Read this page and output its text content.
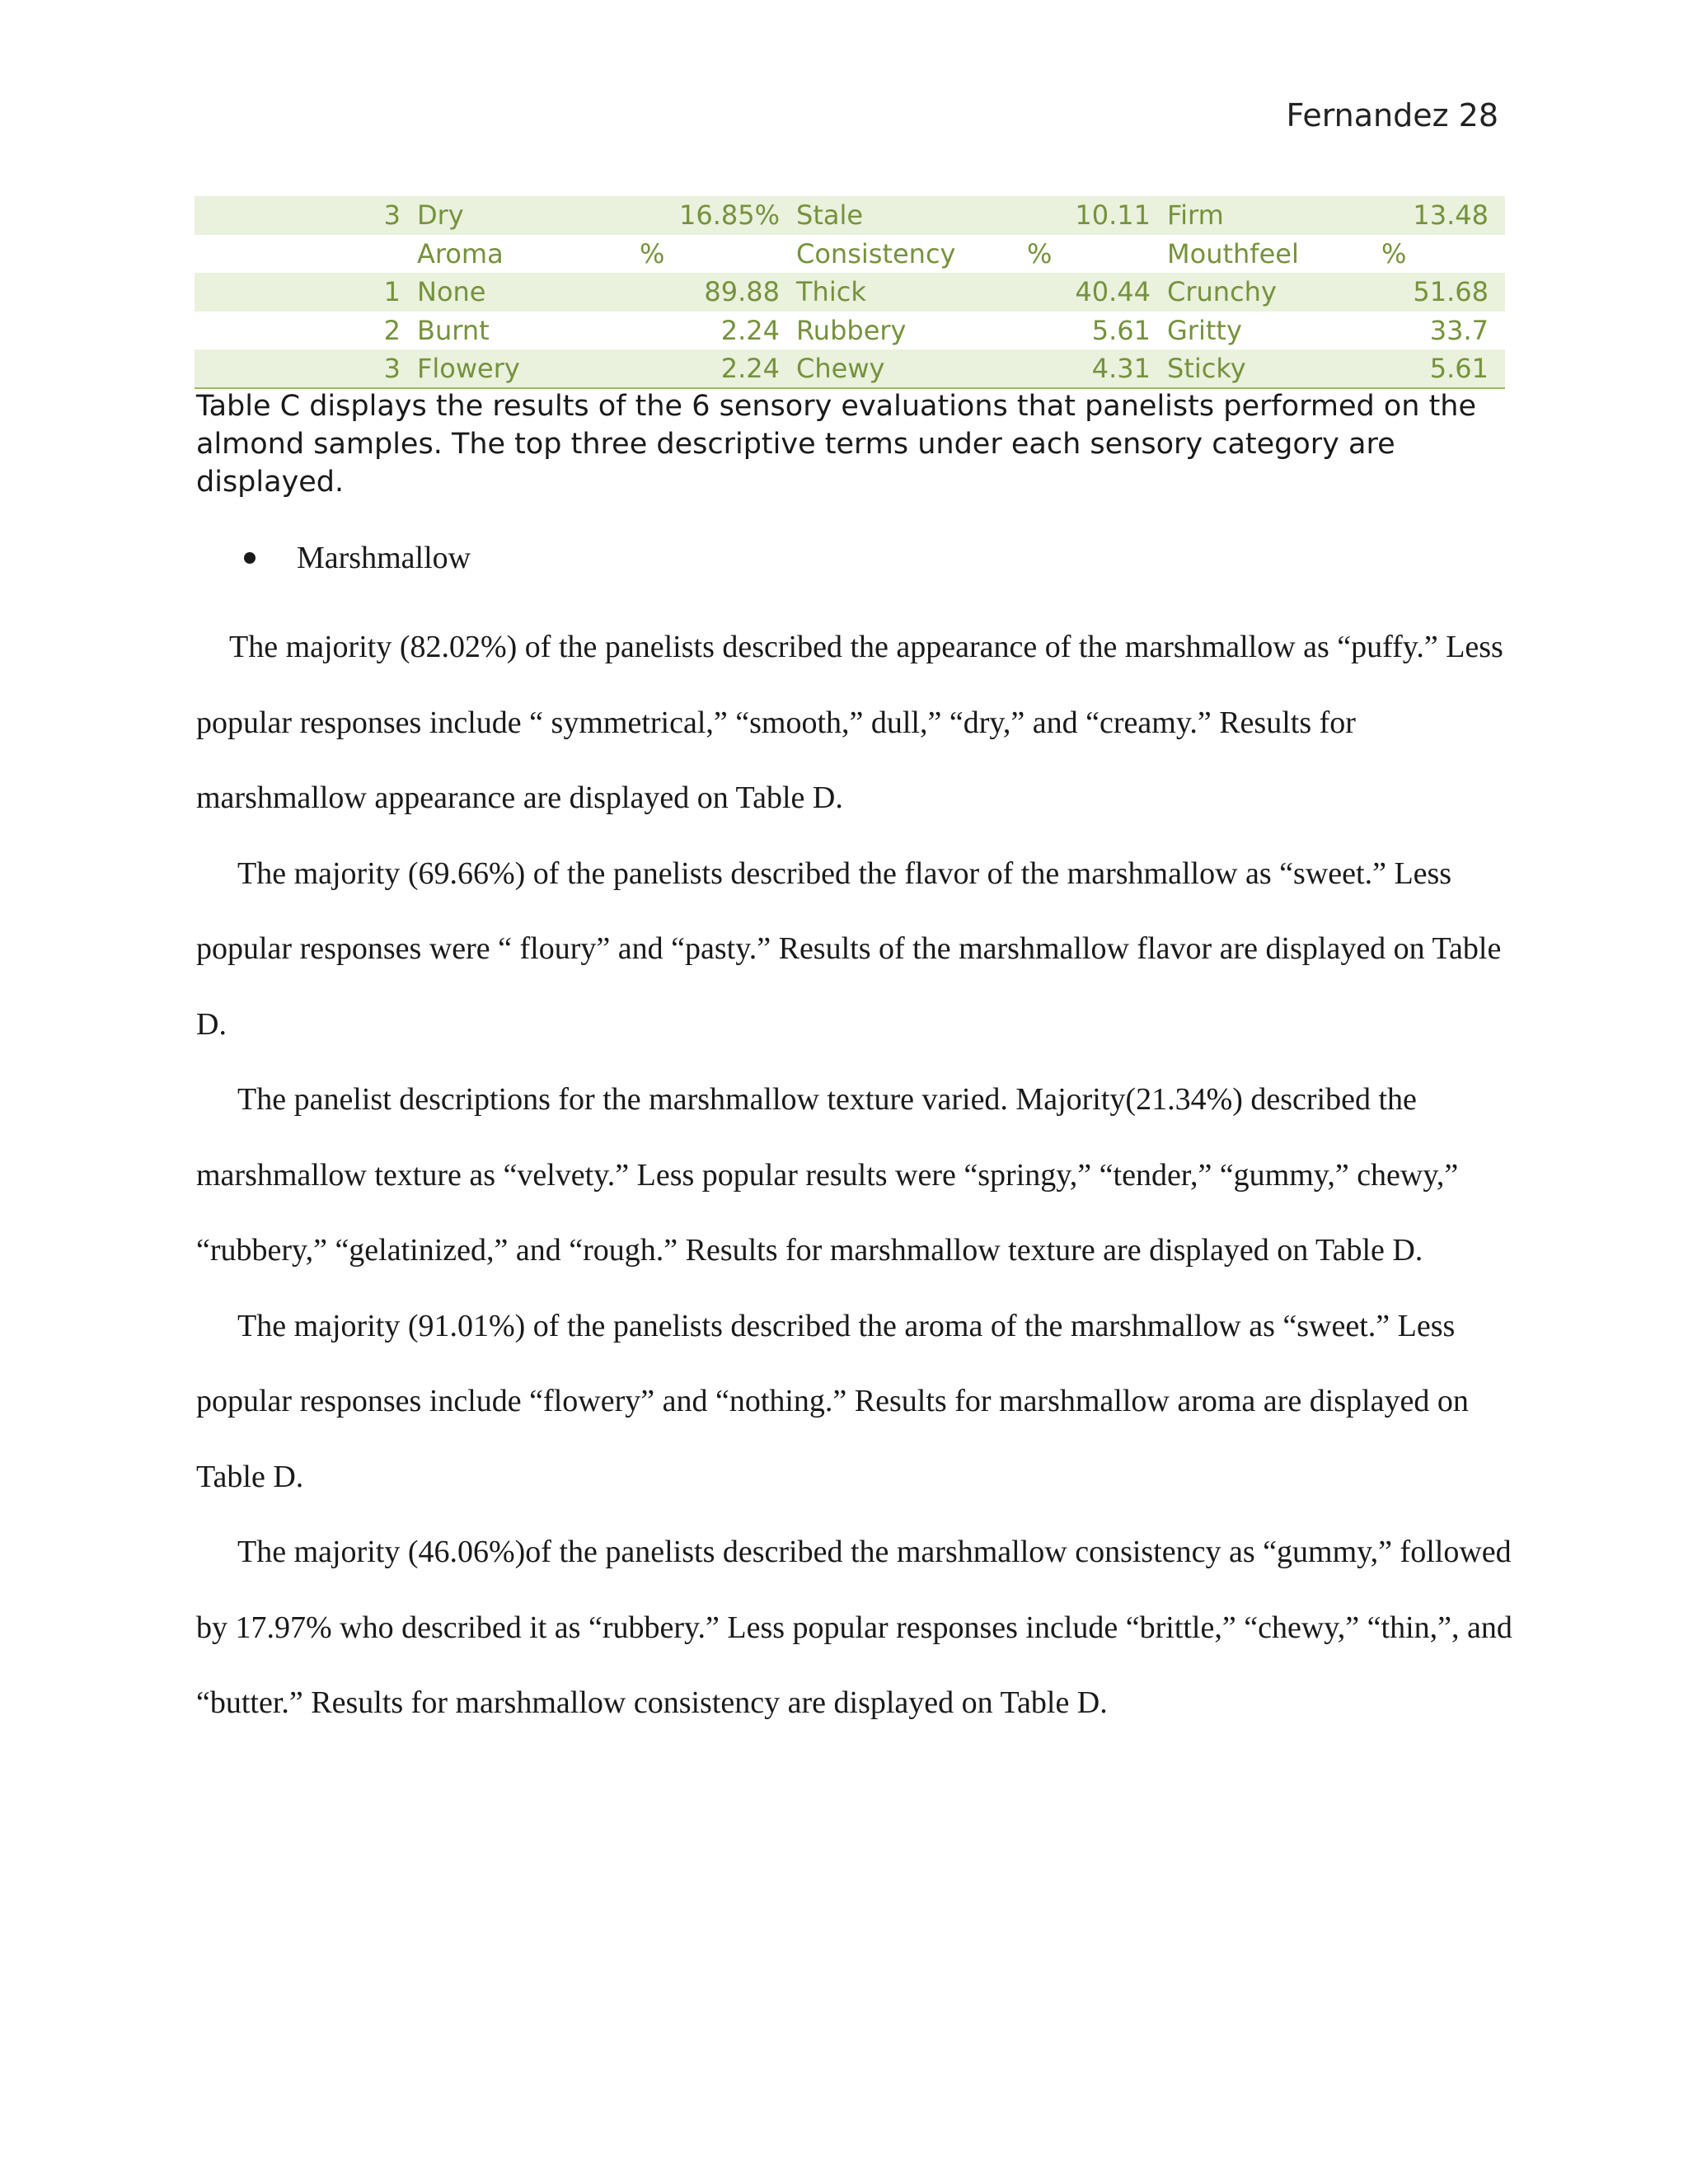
Fernandez 28
3	Dry	16.85%	Stale	10.11	Firm	13.48
	Aroma	%	Consistency	%	Mouthfeel	%
1	None	89.88	Thick	40.44	Crunchy	51.68
2	Burnt	2.24	Rubbery	5.61	Gritty	33.7
3	Flowery	2.24	Chewy	4.31	Sticky	5.61
Table C displays the results of the 6 sensory evaluations that panelists performed on the almond samples. The top three descriptive terms under each sensory category are displayed.
Marshmallow

The majority (82.02%) of the panelists described the appearance of the marshmallow as “puffy.” Less popular responses include “ symmetrical,” “smooth,” dull,” “dry,” and “creamy.” Results for marshmallow appearance are displayed on Table D.

The majority (69.66%) of the panelists described the flavor of the marshmallow as “sweet.” Less popular responses were “ floury” and “pasty.” Results of the marshmallow flavor are displayed on Table D.

The panelist descriptions for the marshmallow texture varied. Majority(21.34%) described the marshmallow texture as “velvety.” Less popular results were “springy,” “tender,” “gummy,” chewy,” “rubbery,” “gelatinized,” and “rough.” Results for marshmallow texture are displayed on Table D.

The majority (91.01%) of the panelists described the aroma of the marshmallow as “sweet.” Less popular responses include “flowery” and “nothing.” Results for marshmallow aroma are displayed on Table D.

The majority (46.06%)of the panelists described the marshmallow consistency as “gummy,” followed by 17.97% who described it as “rubbery.” Less popular responses include “brittle,” “chewy,” “thin,”, and “butter.” Results for marshmallow consistency are displayed on Table D.
